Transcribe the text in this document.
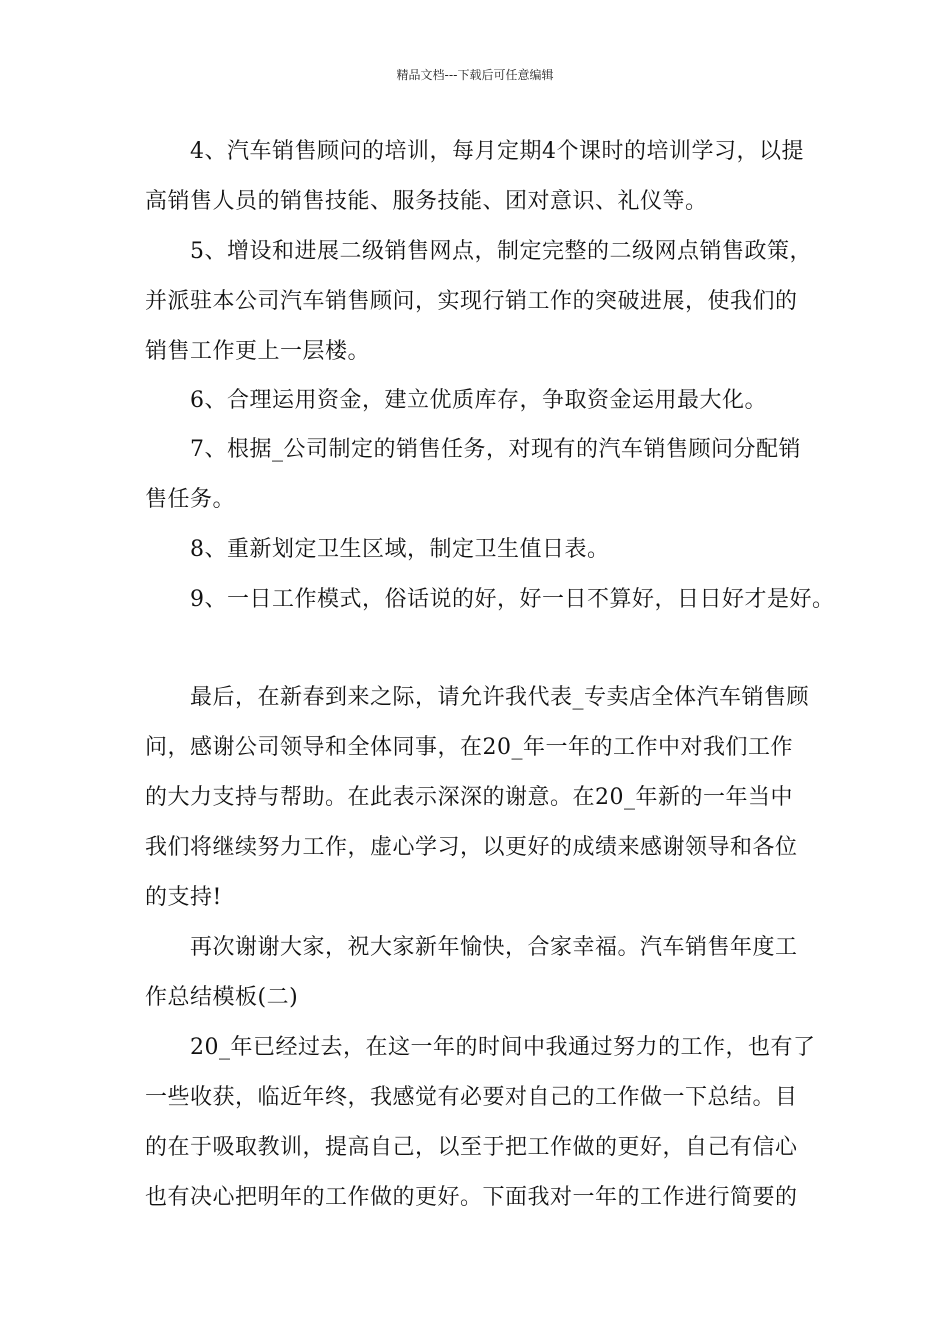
精品文档---下载后可任意编辑
4、汽车销售顾问的培训，每月定期4个课时的培训学习，以提
高销售人员的销售技能、服务技能、团对意识、礼仪等。
5、增设和进展二级销售网点，制定完整的二级网点销售政策，
并派驻本公司汽车销售顾问，实现行销工作的突破进展，使我们的
销售工作更上一层楼。
6、合理运用资金，建立优质库存，争取资金运用最大化。
7、根据_公司制定的销售任务，对现有的汽车销售顾问分配销
售任务。
8、重新划定卫生区域，制定卫生值日表。
9、一日工作模式，俗话说的好，好一日不算好，日日好才是好。
最后，在新春到来之际，请允许我代表_专卖店全体汽车销售顾
问，感谢公司领导和全体同事，在20_年一年的工作中对我们工作
的大力支持与帮助。在此表示深深的谢意。在20_年新的一年当中
我们将继续努力工作，虚心学习，以更好的成绩来感谢领导和各位
的支持!
再次谢谢大家，祝大家新年愉快，合家幸福。汽车销售年度工
作总结模板(二)
20_年已经过去，在这一年的时间中我通过努力的工作，也有了
一些收获，临近年终，我感觉有必要对自己的工作做一下总结。目
的在于吸取教训，提高自己，以至于把工作做的更好，自己有信心
也有决心把明年的工作做的更好。下面我对一年的工作进行简要的
